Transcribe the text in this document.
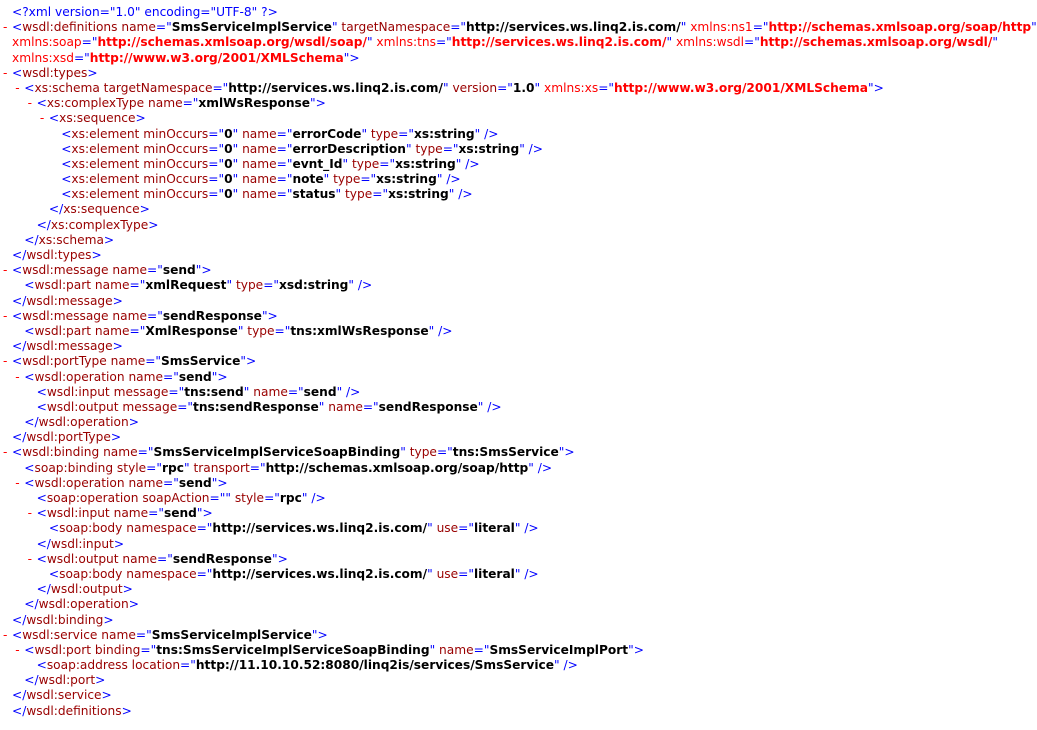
<?xml version="1.0" encoding="UTF-8" ?>
- <wsdl:definitions name="SmsServiceImplService" targetNamespace="http://services.ws.linq2.is.com/" xmlns:ns1="http://schemas.xmlsoap.org/soap/http"
xmlns:soap="http://schemas.xmlsoap.org/wsdl/soap/" xmlns:tns="http://services.ws.linq2.is.com/" xmlns:wsdl="http://schemas.xmlsoap.org/wsdl/"
xmlns:xsd="http://www.w3.org/2001/XMLSchema">
- <wsdl:types>
- <xs:schema targetNamespace="http://services.ws.linq2.is.com/" version="1.0" xmlns:xs="http://www.w3.org/2001/XMLSchema">
- <xs:complexType name="xmlWsResponse">
- <xs:sequence>
<xs:element minOccurs="0" name="errorCode" type="xs:string" />
<xs:element minOccurs="0" name="errorDescription" type="xs:string" />
<xs:element minOccurs="0" name="evnt_Id" type="xs:string" />
<xs:element minOccurs="0" name="note" type="xs:string" />
<xs:element minOccurs="0" name="status" type="xs:string" />
</xs:sequence>
</xs:complexType>
</xs:schema>
</wsdl:types>
- <wsdl:message name="send">
<wsdl:part name="xmlRequest" type="xsd:string" />
</wsdl:message>
- <wsdl:message name="sendResponse">
<wsdl:part name="XmlResponse" type="tns:xmlWsResponse" />
</wsdl:message>
- <wsdl:portType name="SmsService">
- <wsdl:operation name="send">
<wsdl:input message="tns:send" name="send" />
<wsdl:output message="tns:sendResponse" name="sendResponse" />
</wsdl:operation>
</wsdl:portType>
- <wsdl:binding name="SmsServiceImplServiceSoapBinding" type="tns:SmsService">
<soap:binding style="rpc" transport="http://schemas.xmlsoap.org/soap/http" />
- <wsdl:operation name="send">
<soap:operation soapAction="" style="rpc" />
- <wsdl:input name="send">
<soap:body namespace="http://services.ws.linq2.is.com/" use="literal" />
</wsdl:input>
- <wsdl:output name="sendResponse">
<soap:body namespace="http://services.ws.linq2.is.com/" use="literal" />
</wsdl:output>
</wsdl:operation>
</wsdl:binding>
- <wsdl:service name="SmsServiceImplService">
- <wsdl:port binding="tns:SmsServiceImplServiceSoapBinding" name="SmsServiceImplPort">
<soap:address location="http://11.10.10.52:8080/linq2is/services/SmsService" />
</wsdl:port>
</wsdl:service>
</wsdl:definitions>
